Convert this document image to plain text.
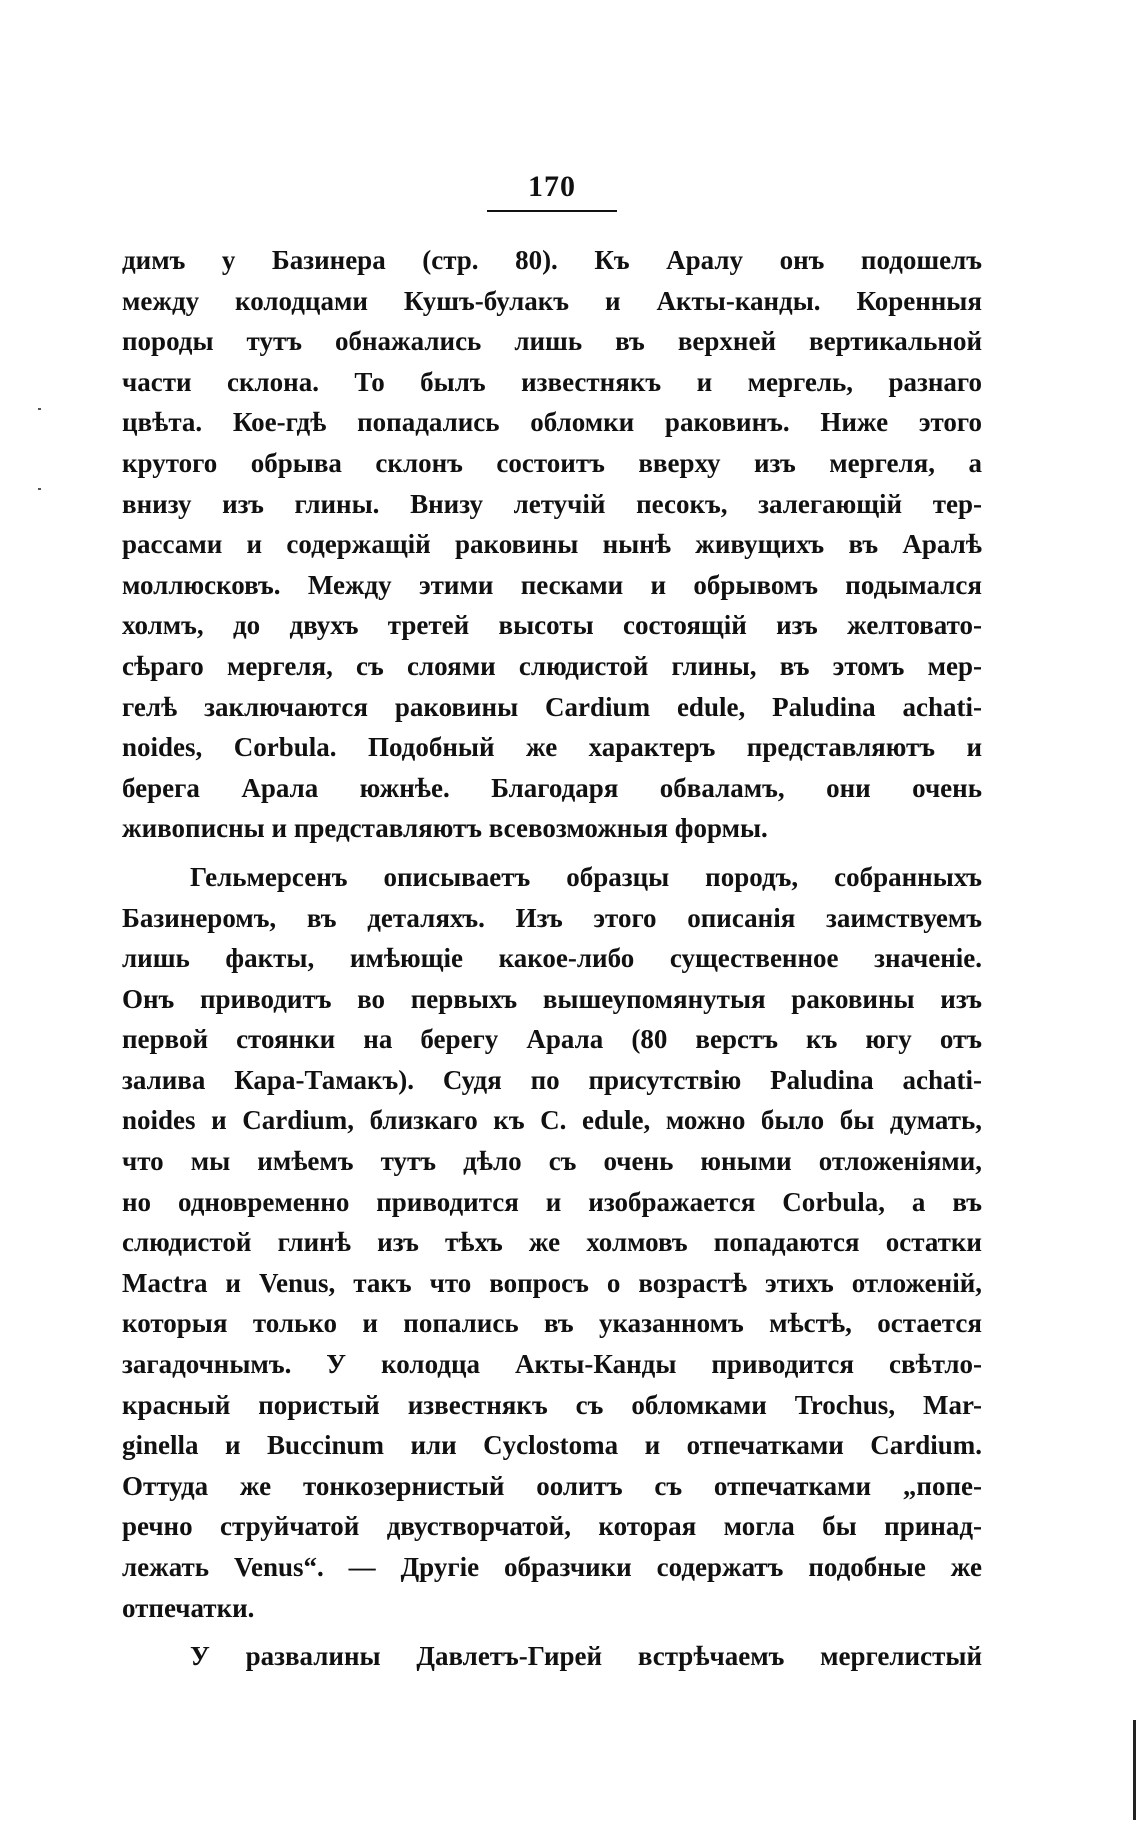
170
димъ у Базинера (стр. 80). Къ Аралу онъ подошелъ
между колодцами Кушъ-булакъ и Акты-канды. Коренныя
породы тутъ обнажались лишь въ верхней вертикальной
части склона. То былъ известнякъ и мергель, разнаго
цвѣта. Кое-гдѣ попадались обломки раковинъ. Ниже этого
крутого обрыва склонъ состоитъ вверху изъ мергеля, а
внизу изъ глины. Внизу летучій песокъ, залегающій тер-
рассами и содержащій раковины нынѣ живущихъ въ Аралѣ
моллюсковъ. Между этими песками и обрывомъ подымался
холмъ, до двухъ третей высоты состоящій изъ желтовато-
сѣраго мергеля, съ слоями слюдистой глины, въ этомъ мер-
гелѣ заключаются раковины Cardium edule, Paludina achati-
noides, Corbula. Подобный же характеръ представляютъ и
берега Арала южнѣе. Благодаря обваламъ, они очень
живописны и представляютъ всевозможныя формы.
Гельмерсенъ описываетъ образцы породъ, собранныхъ
Базинеромъ, въ деталяхъ. Изъ этого описанія заимствуемъ
лишь факты, имѣющіе какое-либо существенное значеніе.
Онъ приводитъ во первыхъ вышеупомянутыя раковины изъ
первой стоянки на берегу Арала (80 верстъ къ югу отъ
залива Кара-Тамакъ). Судя по присутствію Paludina achati-
noides и Cardium, близкаго къ C. edule, можно было бы думать,
что мы имѣемъ тутъ дѣло съ очень юными отложеніями,
но одновременно приводится и изображается Corbula, а въ
слюдистой глинѣ изъ тѣхъ же холмовъ попадаются остатки
Mactra и Venus, такъ что вопросъ о возрастѣ этихъ отложеній,
которыя только и попались въ указанномъ мѣстѣ, остается
загадочнымъ. У колодца Акты-Канды приводится свѣтло-
красный пористый известнякъ съ обломками Trochus, Mar-
ginella и Buccinum или Cyclostoma и отпечатками Cardium.
Оттуда же тонкозернистый оолитъ съ отпечатками „попе-
речно струйчатой двустворчатой, которая могла бы принад-
лежать Venus“. — Другіе образчики содержатъ подобные же
отпечатки.
У развалины Давлетъ-Гирей встрѣчаемъ мергелистый
